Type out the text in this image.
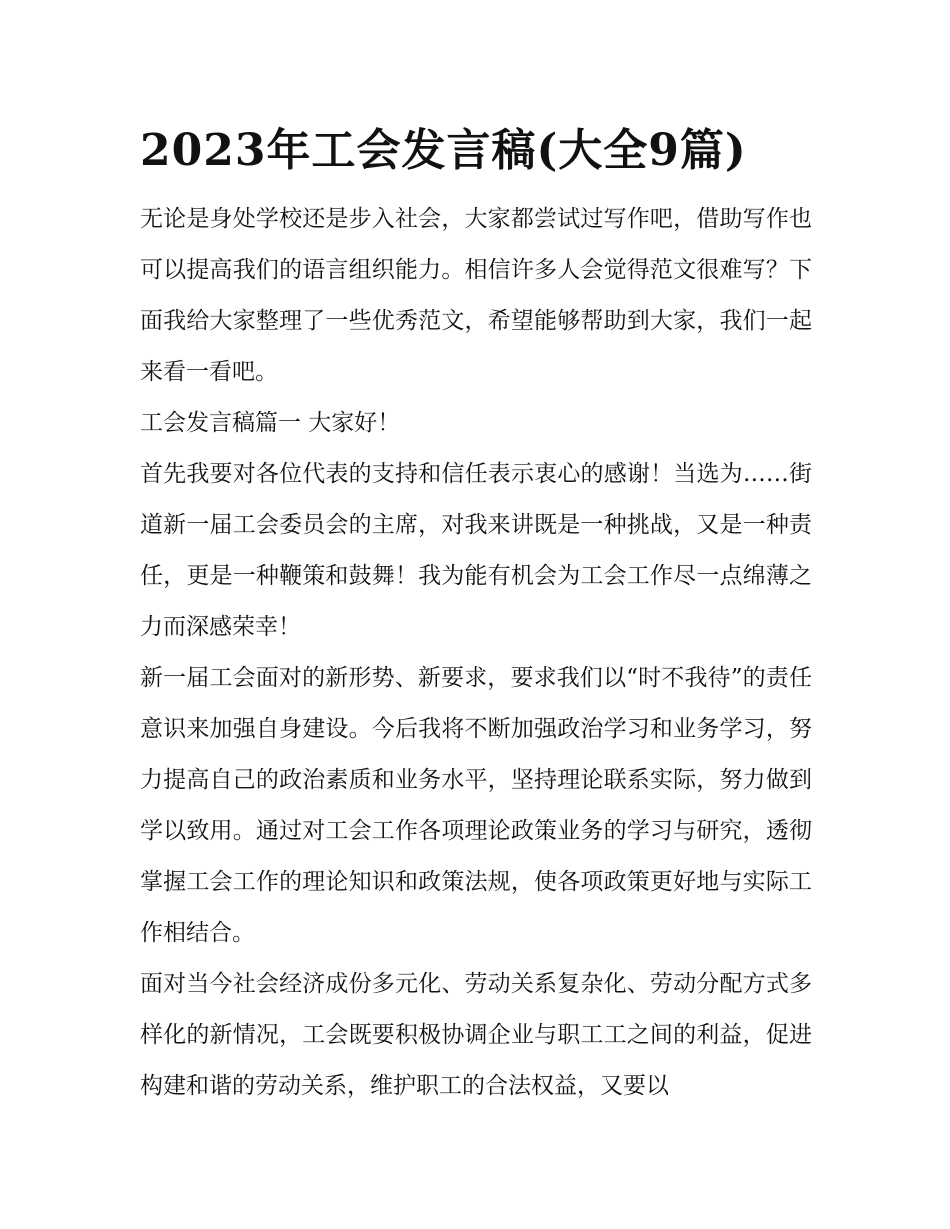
2023年工会发言稿(大全9篇)

无论是身处学校还是步入社会，大家都尝试过写作吧，借助写作也可以提高我们的语言组织能力。相信许多人会觉得范文很难写？下面我给大家整理了一些优秀范文，希望能够帮助到大家，我们一起来看一看吧。

工会发言稿篇一 大家好！

首先我要对各位代表的支持和信任表示衷心的感谢！当选为……街道新一届工会委员会的主席，对我来讲既是一种挑战，又是一种责任，更是一种鞭策和鼓舞！我为能有机会为工会工作尽一点绵薄之力而深感荣幸！

新一届工会面对的新形势、新要求，要求我们以“时不我待”的责任意识来加强自身建设。今后我将不断加强政治学习和业务学习，努力提高自己的政治素质和业务水平，坚持理论联系实际，努力做到学以致用。通过对工会工作各项理论政策业务的学习与研究，透彻掌握工会工作的理论知识和政策法规，使各项政策更好地与实际工作相结合。

面对当今社会经济成份多元化、劳动关系复杂化、劳动分配方式多样化的新情况，工会既要积极协调企业与职工工之间的利益，促进构建和谐的劳动关系，维护职工的合法权益，又要以
